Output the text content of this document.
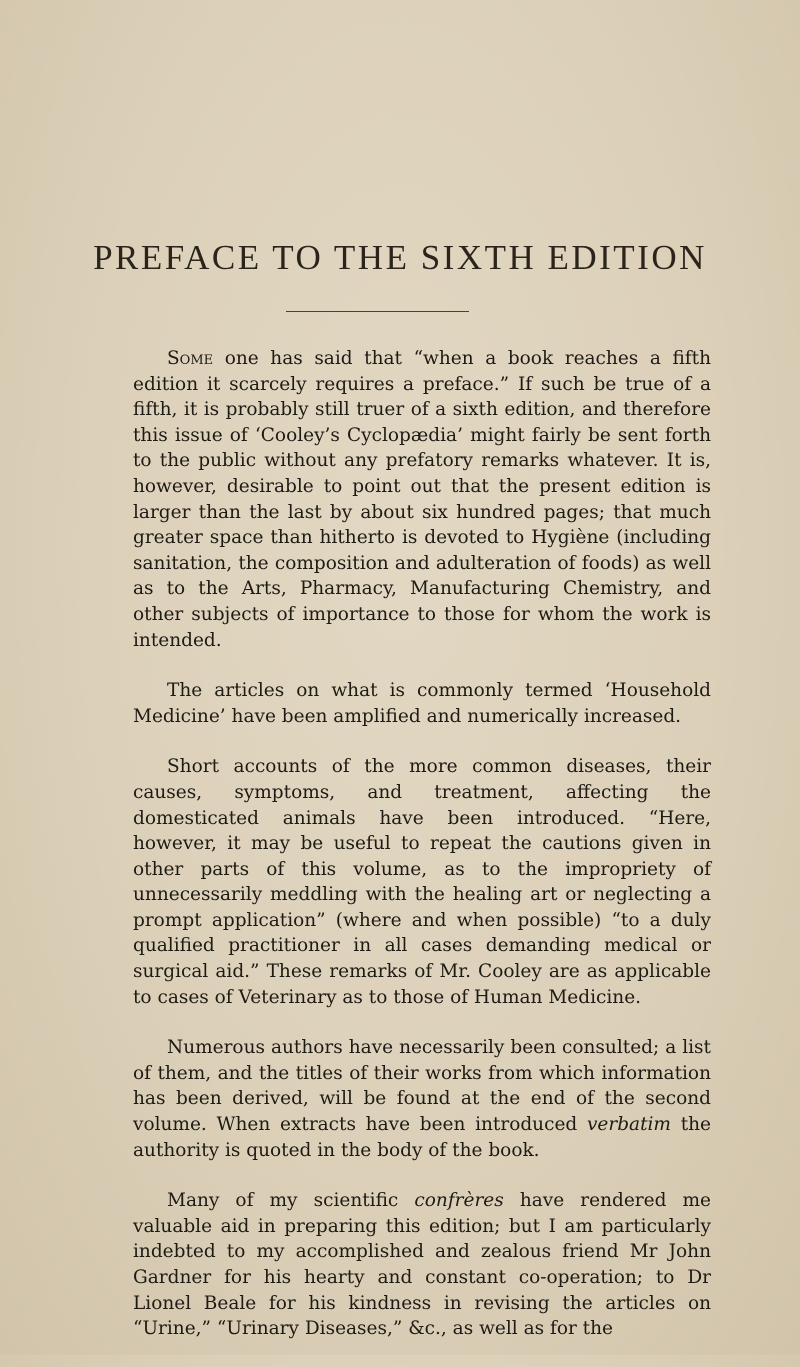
PREFACE TO THE SIXTH EDITION

Some one has said that “when a book reaches a fifth edition it scarcely requires a preface.” If such be true of a fifth, it is probably still truer of a sixth edition, and therefore this issue of ‘Cooley’s Cyclopædia’ might fairly be sent forth to the public without any prefatory remarks whatever. It is, however, desirable to point out that the present edition is larger than the last by about six hundred pages; that much greater space than hitherto is devoted to Hygiène (including sanitation, the composition and adulteration of foods) as well as to the Arts, Pharmacy, Manufacturing Chemistry, and other subjects of importance to those for whom the work is intended.

The articles on what is commonly termed ‘Household Medicine’ have been amplified and numerically increased.

Short accounts of the more common diseases, their causes, symptoms, and treatment, affecting the domesticated animals have been introduced. “Here, however, it may be useful to repeat the cautions given in other parts of this volume, as to the impropriety of unnecessarily meddling with the healing art or neglecting a prompt application” (where and when possible) “to a duly qualified practitioner in all cases demanding medical or surgical aid.” These remarks of Mr. Cooley are as applicable to cases of Veterinary as to those of Human Medicine.

Numerous authors have necessarily been consulted; a list of them, and the titles of their works from which information has been derived, will be found at the end of the second volume. When extracts have been introduced verbatim the authority is quoted in the body of the book.

Many of my scientific confrères have rendered me valuable aid in preparing this edition; but I am particularly indebted to my accomplished and zealous friend Mr John Gardner for his hearty and constant co-operation; to Dr Lionel Beale for his kindness in revising the articles on “Urine,” “Urinary Diseases,” &c., as well as for the
